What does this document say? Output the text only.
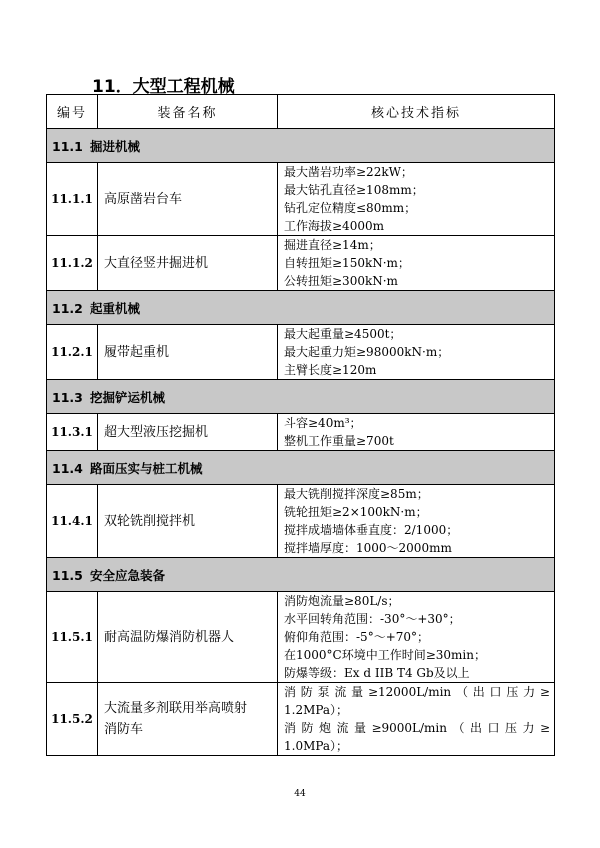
11．大型工程机械
编号	装备名称	核心技术指标
11.1 掘进机械		
11.1.1	高原凿岩台车	最大凿岩功率≥22kW；
最大钻孔直径≥108mm；
钻孔定位精度≤80mm；
工作海拔≥4000m

11.1.2	大直径竖井掘进机	掘进直径≥14m；
自转扭矩≥150kN·m；
公转扭矩≥300kN·m

11.2 起重机械		
11.2.1	履带起重机	最大起重量≥4500t；
最大起重力矩≥98000kN·m；
主臂长度≥120m

11.3 挖掘铲运机械		
11.3.1	超大型液压挖掘机	斗容≥40m³；
整机工作重量≥700t

11.4 路面压实与桩工机械		
11.4.1	双轮铣削搅拌机	最大铣削搅拌深度≥85m；
铣轮扭矩≥2×100kN·m；
搅拌成墙墙体垂直度：2/1000；
搅拌墙厚度：1000～2000mm

11.5 安全应急装备		
11.5.1	耐高温防爆消防机器人	消防炮流量≥80L/s；
水平回转角范围：-30°～+30°；
俯仰角范围：-5°～+70°；
在1000°C环境中工作时间≥30min；
防爆等级：Ex d IIB T4 Gb及以上

11.5.2	大流量多剂联用举高喷射
消防车	消防泵流量≥12000L/min（出口压力≥
1.2MPa）；
消防炮流量≥9000L/min（出口压力≥
1.0MPa）；
44
